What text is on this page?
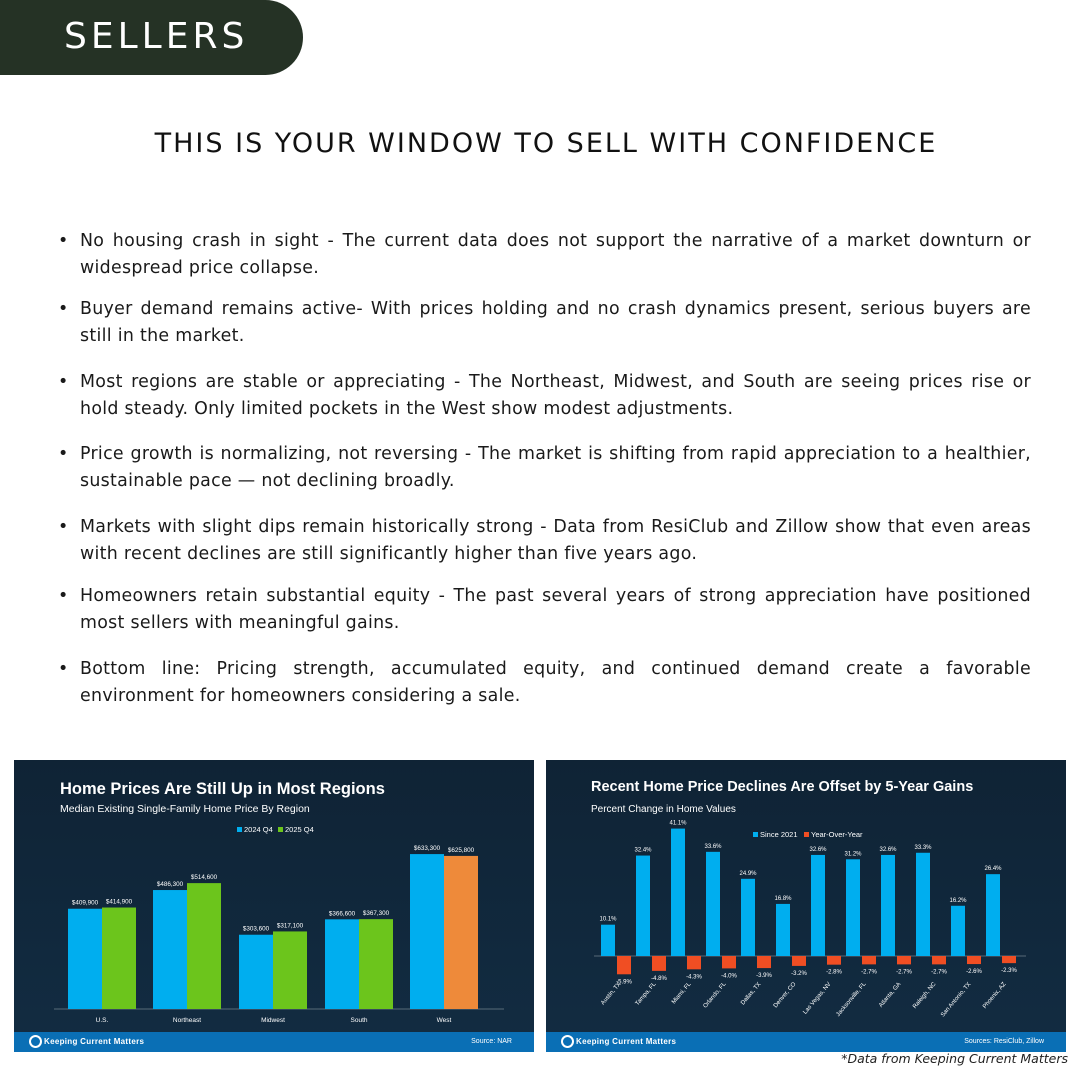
SELLERS
THIS IS YOUR WINDOW TO SELL WITH CONFIDENCE
• No housing crash in sight - The current data does not support the narrative of a market downturn or widespread price collapse.
• Buyer demand remains active- With prices holding and no crash dynamics present, serious buyers are still in the market.
• Most regions are stable or appreciating - The Northeast, Midwest, and South are seeing prices rise or hold steady. Only limited pockets in the West show modest adjustments.
• Price growth is normalizing, not reversing - The market is shifting from rapid appreciation to a healthier, sustainable pace — not declining broadly.
• Markets with slight dips remain historically strong - Data from ResiClub and Zillow show that even areas with recent declines are still significantly higher than five years ago.
• Homeowners retain substantial equity - The past several years of strong appreciation have positioned most sellers with meaningful gains.
• Bottom line: Pricing strength, accumulated equity, and continued demand create a favorable environment for homeowners considering a sale.
Home Prices Are Still Up in Most Regions
Median Existing Single-Family Home Price By Region
2024 Q4 2025 Q4
$409,900 $414,900
U.S.
$486,300
$514,600
Northeast
$303,600 $317,100
Midwest
$366,600 $367,300
South
$633,300 $625,800
West
Keeping Current Matters	Source: NAR
Recent Home Price Declines Are Offset by 5-Year Gains
Percent Change in Home Values
Since 2021 Year-Over-Year
10.1%
-5.9%
Austin, TX
32.4%
-4.8%
Tampa, FL
41.1%
-4.3%
Miami, FL
33.6%
-4.0%
Orlando, FL
24.9%
-3.9%
Dallas, TX
16.8%
-3.2%
Denver, CO
32.6%
-2.8%
Las Vegas, NV
31.2%
-2.7%
Jacksonville, FL
32.6%
-2.7%
Atlanta, GA
33.3%
-2.7%
Raleigh, NC
16.2%
-2.6%
San Antonio, TX
26.4%
-2.3%
Phoenix, AZ
Keeping Current Matters	Sources: ResiClub, Zillow
*Data from Keeping Current Matters
